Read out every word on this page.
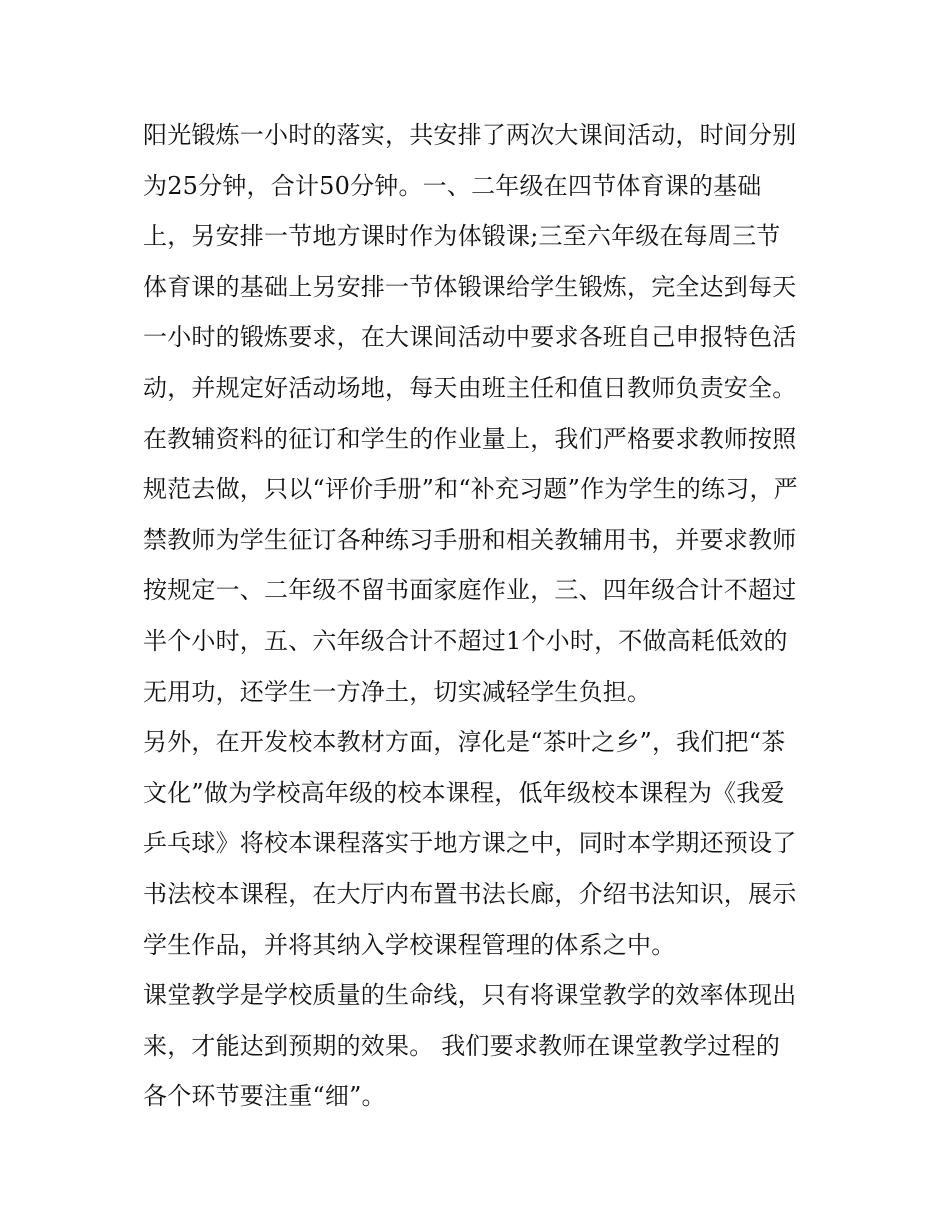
阳光锻炼一小时的落实，共安排了两次大课间活动，时间分别
为25分钟，合计50分钟。一、二年级在四节体育课的基础
上，另安排一节地方课时作为体锻课;三至六年级在每周三节
体育课的基础上另安排一节体锻课给学生锻炼，完全达到每天
一小时的锻炼要求，在大课间活动中要求各班自己申报特色活
动，并规定好活动场地，每天由班主任和值日教师负责安全。
在教辅资料的征订和学生的作业量上，我们严格要求教师按照
规范去做，只以“评价手册”和“补充习题”作为学生的练习，严
禁教师为学生征订各种练习手册和相关教辅用书，并要求教师
按规定一、二年级不留书面家庭作业，三、四年级合计不超过
半个小时，五、六年级合计不超过1个小时，不做高耗低效的
无用功，还学生一方净土，切实减轻学生负担。
另外，在开发校本教材方面，淳化是“茶叶之乡”，我们把“茶
文化”做为学校高年级的校本课程，低年级校本课程为《我爱
乒乓球》将校本课程落实于地方课之中，同时本学期还预设了
书法校本课程，在大厅内布置书法长廊，介绍书法知识，展示
学生作品，并将其纳入学校课程管理的体系之中。
课堂教学是学校质量的生命线，只有将课堂教学的效率体现出
来，才能达到预期的效果。 我们要求教师在课堂教学过程的
各个环节要注重“细”。
